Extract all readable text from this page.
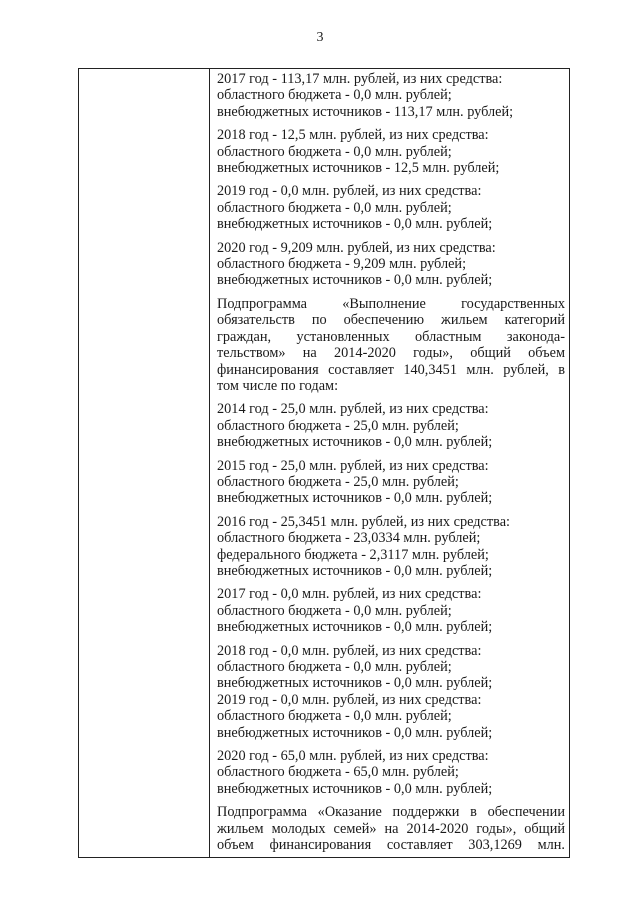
3
2017 год - 113,17 млн. рублей, из них средства:
областного бюджета - 0,0 млн. рублей;
внебюджетных источников - 113,17 млн. рублей;
2018 год - 12,5 млн. рублей, из них средства:
областного бюджета - 0,0 млн. рублей;
внебюджетных источников - 12,5 млн. рублей;
2019 год - 0,0 млн. рублей, из них средства:
областного бюджета - 0,0 млн. рублей;
внебюджетных источников - 0,0 млн. рублей;
2020 год - 9,209 млн. рублей, из них средства:
областного бюджета - 9,209 млн. рублей;
внебюджетных источников - 0,0 млн. рублей;
Подпрограмма «Выполнение государственных
обязательств по обеспечению жильем категорий
граждан, установленных областным законода-
тельством» на 2014-2020 годы», общий объем
финансирования составляет 140,3451 млн. рублей, в
том числе по годам:
2014 год - 25,0 млн. рублей, из них средства:
областного бюджета - 25,0 млн. рублей;
внебюджетных источников - 0,0 млн. рублей;
2015 год - 25,0 млн. рублей, из них средства:
областного бюджета - 25,0 млн. рублей;
внебюджетных источников - 0,0 млн. рублей;
2016 год - 25,3451 млн. рублей, из них средства:
областного бюджета - 23,0334 млн. рублей;
федерального бюджета - 2,3117 млн. рублей;
внебюджетных источников - 0,0 млн. рублей;
2017 год - 0,0 млн. рублей, из них средства:
областного бюджета - 0,0 млн. рублей;
внебюджетных источников - 0,0 млн. рублей;
2018 год - 0,0 млн. рублей, из них средства:
областного бюджета - 0,0 млн. рублей;
внебюджетных источников - 0,0 млн. рублей;
2019 год - 0,0 млн. рублей, из них средства:
областного бюджета - 0,0 млн. рублей;
внебюджетных источников - 0,0 млн. рублей;
2020 год - 65,0 млн. рублей, из них средства:
областного бюджета - 65,0 млн. рублей;
внебюджетных источников - 0,0 млн. рублей;
Подпрограмма «Оказание поддержки в обеспечении
жильем молодых семей» на 2014-2020 годы», общий
объем финансирования составляет 303,1269 млн.
